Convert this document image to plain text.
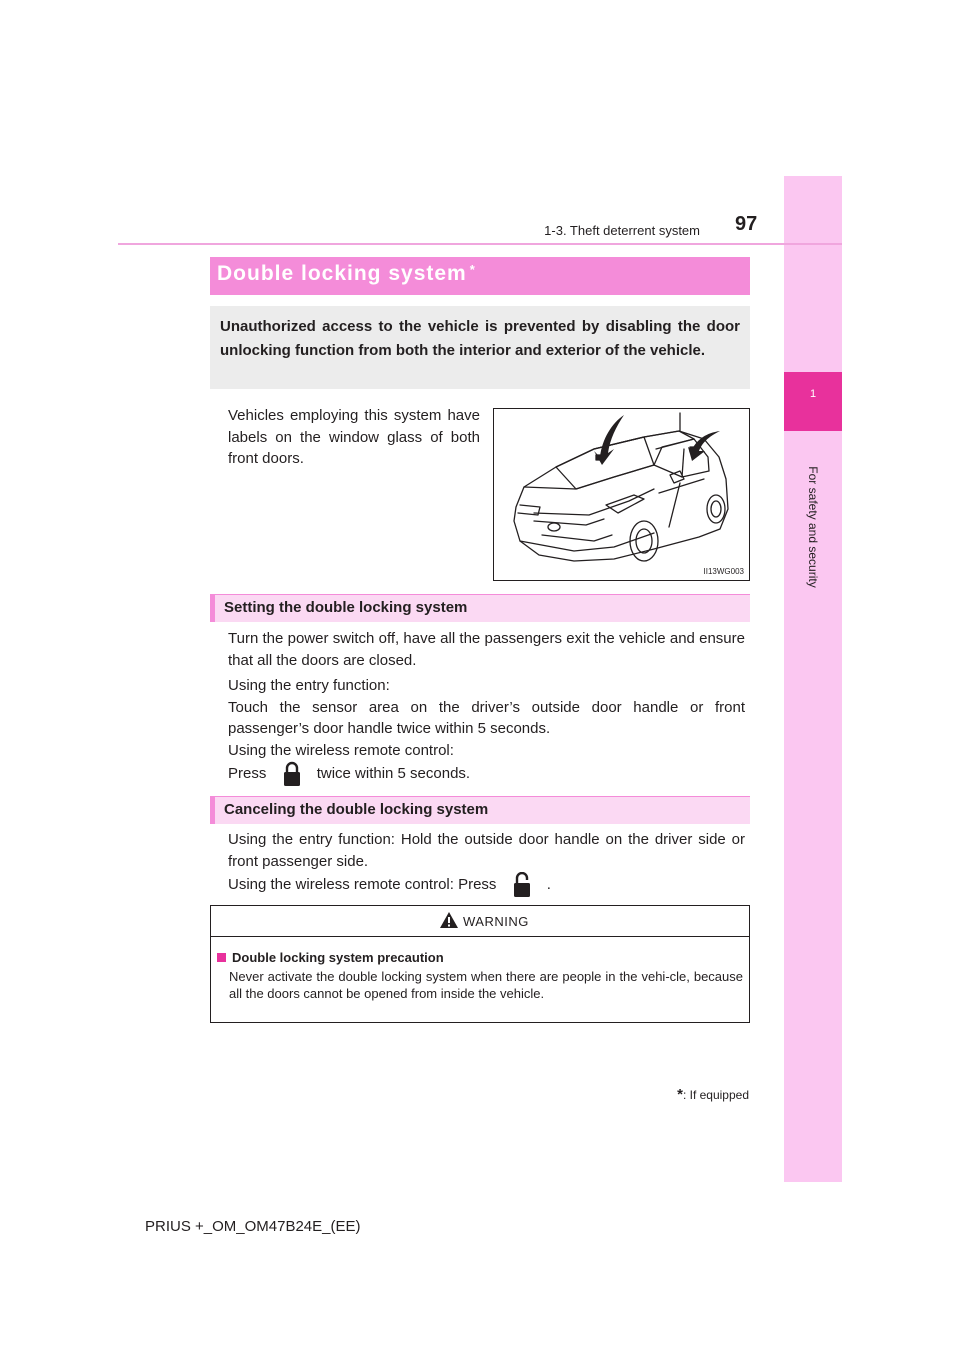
1
For safety and security
1-3. Theft deterrent system 97
Double locking system *
Unauthorized access to the vehicle is prevented by disabling the door unlocking function from both the interior and exterior of the vehicle.
Vehicles employing this system have labels on the window glass of both front doors.
II13WG003
Setting the double locking system
Turn the power switch off, have all the passengers exit the vehicle and ensure that all the doors are closed.
Using the entry function:
Touch the sensor area on the driver’s outside door handle or front passenger’s door handle twice within 5 seconds.
Using the wireless remote control:
Press	twice within 5 seconds.
Canceling the double locking system
Using the entry function: Hold the outside door handle on the driver side or front passenger side.
Using the wireless remote control: Press	.
WARNING
Double locking system precaution
Never activate the double locking system when there are people in the vehi-cle, because all the doors cannot be opened from inside the vehicle.
*: If equipped
PRIUS +_OM_OM47B24E_(EE)
